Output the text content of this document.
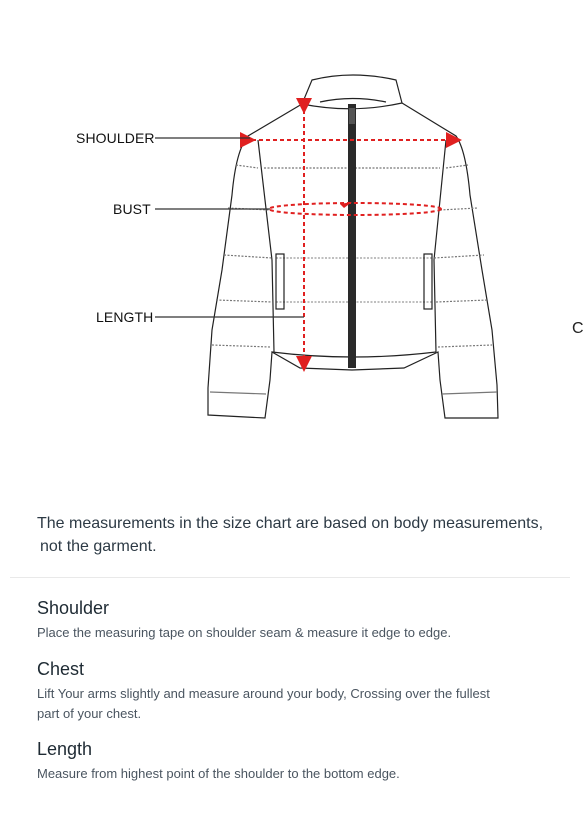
SHOULDER
BUST
LENGTH
C
The measurements in the size chart are based on body measurements,
not the garment.
Shoulder

Place the measuring tape on shoulder seam & measure it edge to edge.

Chest

Lift Your arms slightly and measure around your body, Crossing over the fullest
part of your chest.

Length

Measure from highest point of the shoulder to the bottom edge.
